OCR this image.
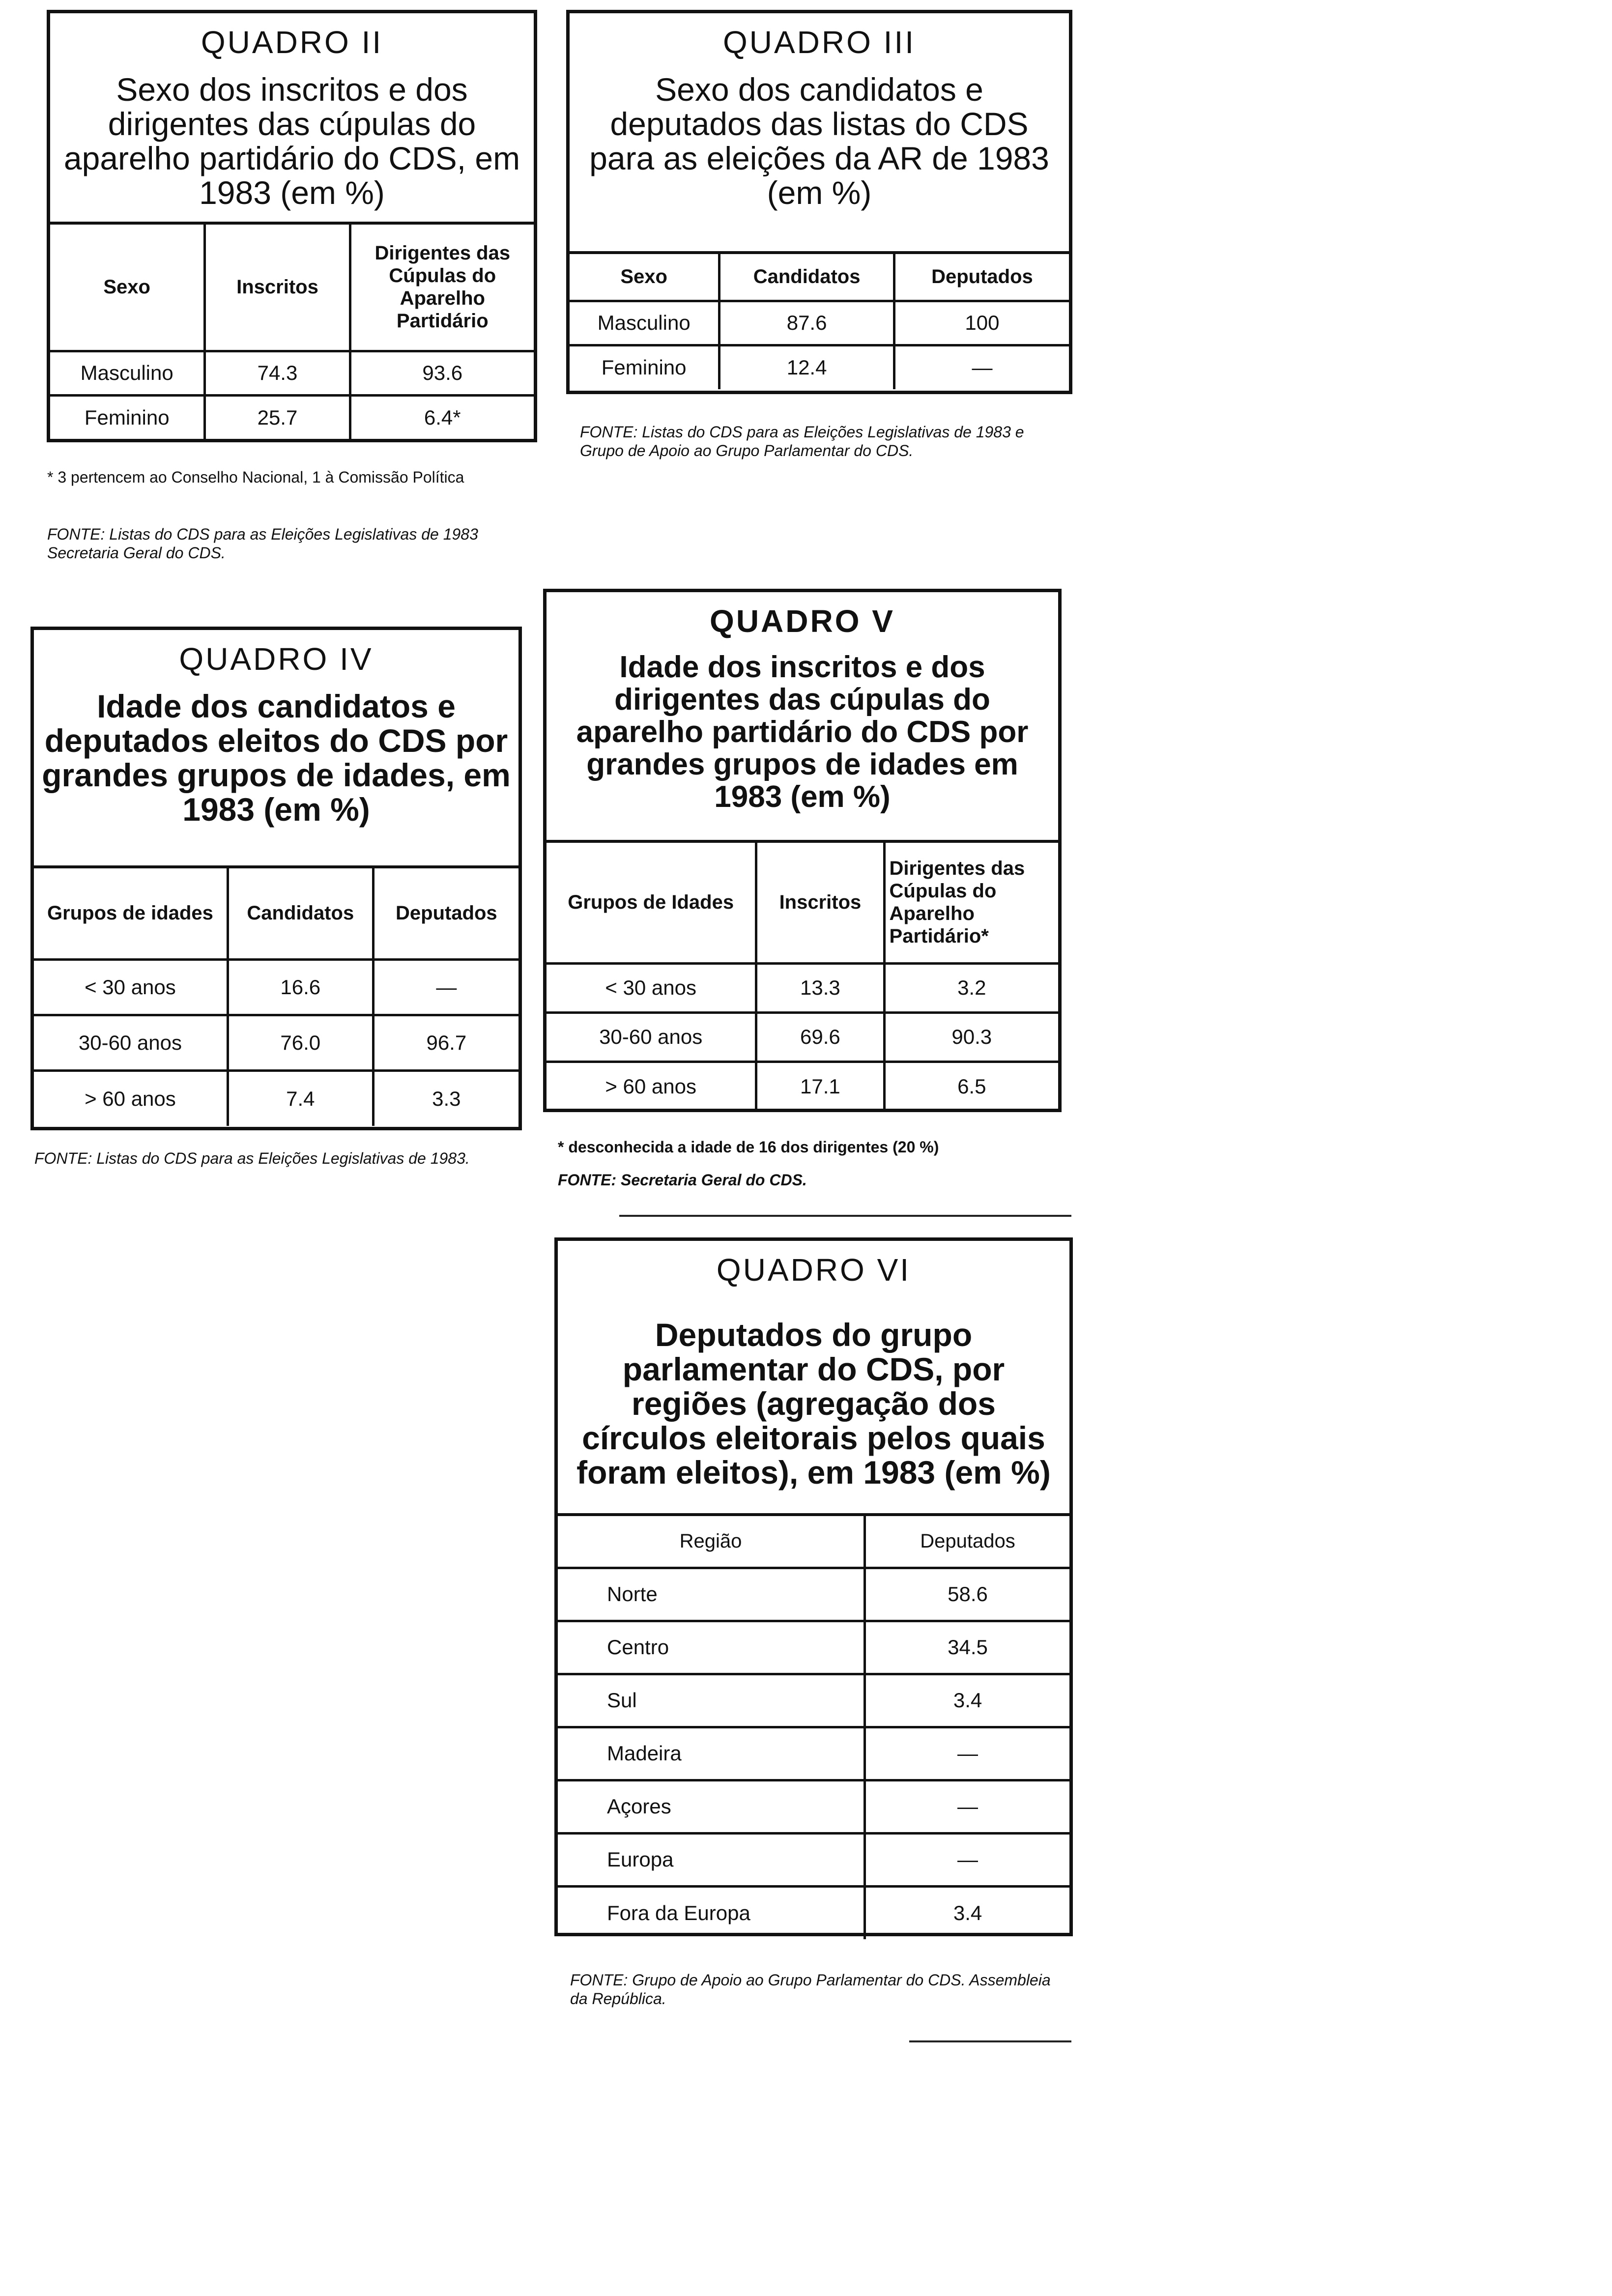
QUADRO II
Sexo dos inscritos e dos dirigentes das cúpulas do aparelho partidário do CDS, em 1983 (em %)
Sexo	Inscritos	Dirigentes das Cúpulas do Aparelho Partidário
Masculino	74.3	93.6
Feminino	25.7	6.4*
* 3 pertencem ao Conselho Nacional, 1 à Comissão Política
FONTE: Listas do CDS para as Eleições Legislativas de 1983 Secretaria Geral do CDS.
QUADRO III
Sexo dos candidatos e deputados das listas do CDS para as eleições da AR de 1983 (em %)
Sexo	Candidatos	Deputados
Masculino	87.6	100
Feminino	12.4	—
FONTE: Listas do CDS para as Eleições Legislativas de 1983 e Grupo de Apoio ao Grupo Parlamentar do CDS.
QUADRO IV
Idade dos candidatos e deputados eleitos do CDS por grandes grupos de idades, em 1983 (em %)
Grupos de idades	Candidatos	Deputados
< 30 anos	16.6	—
30-60 anos	76.0	96.7
> 60 anos	7.4	3.3
FONTE: Listas do CDS para as Eleições Legislativas de 1983.
QUADRO V
Idade dos inscritos e dos dirigentes das cúpulas do aparelho partidário do CDS por grandes grupos de idades em 1983 (em %)
Grupos de Idades	Inscritos	Dirigentes das Cúpulas do Aparelho Partidário*
< 30 anos	13.3	3.2
30-60 anos	69.6	90.3
> 60 anos	17.1	6.5
* desconhecida a idade de 16 dos dirigentes (20 %)
FONTE: Secretaria Geral do CDS.
QUADRO VI
Deputados do grupo parlamentar do CDS, por regiões (agregação dos círculos eleitorais pelos quais foram eleitos), em 1983 (em %)
Região	Deputados
Norte	58.6
Centro	34.5
Sul	3.4
Madeira	—
Açores	—
Europa	—
Fora da Europa	3.4
FONTE: Grupo de Apoio ao Grupo Parlamentar do CDS. Assembleia da República.
